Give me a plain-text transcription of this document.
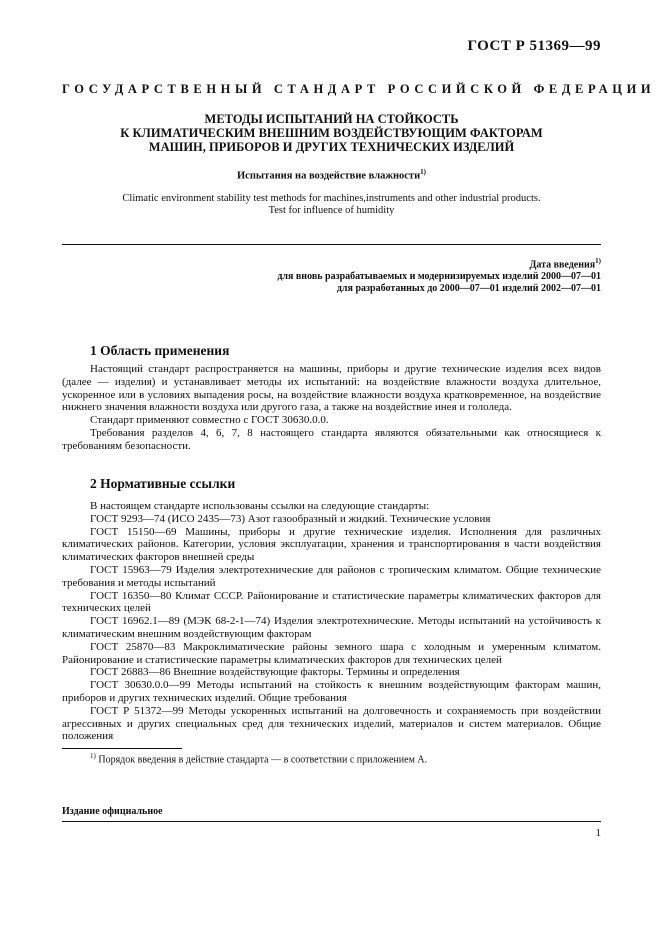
ГОСТ Р 51369—99
ГОСУДАРСТВЕННЫЙ СТАНДАРТ РОССИЙСКОЙ ФЕДЕРАЦИИ
МЕТОДЫ ИСПЫТАНИЙ НА СТОЙКОСТЬ
К КЛИМАТИЧЕСКИМ ВНЕШНИМ ВОЗДЕЙСТВУЮЩИМ ФАКТОРАМ
МАШИН, ПРИБОРОВ И ДРУГИХ ТЕХНИЧЕСКИХ ИЗДЕЛИЙ
Испытания на воздействие влажности$^{1)}$
Climatic environment stability test methods for machines,instruments and other industrial products.
Test for influence of humidity
Дата введения$^{1)}$
для вновь разрабатываемых и модернизируемых изделий 2000—07—01
для разработанных до 2000—07—01 изделий 2002—07—01
1 Область применения

Настоящий стандарт распространяется на машины, приборы и другие технические изделия всех видов (далее — изделия) и устанавливает методы их испытаний: на воздействие влажности воздуха длительное, ускоренное или в условиях выпадения росы, на воздействие влажности воздуха кратковременное, на воздействие нижнего значения влажности воздуха или другого газа, а также на воздействие инея и гололеда.

Стандарт применяют совместно с ГОСТ 30630.0.0.

Требования разделов 4, 6, 7, 8 настоящего стандарта являются обязательными как относящиеся к требованиям безопасности.

2 Нормативные ссылки

В настоящем стандарте использованы ссылки на следующие стандарты:

ГОСТ 9293—74 (ИСО 2435—73) Азот газообразный и жидкий. Технические условия

ГОСТ 15150—69 Машины, приборы и другие технические изделия. Исполнения для различных климатических районов. Категории, условия эксплуатации, хранения и транспортирования в части воздействия климатических факторов внешней среды

ГОСТ 15963—79 Изделия электротехнические для районов с тропическим климатом. Общие технические требования и методы испытаний

ГОСТ 16350—80 Климат СССР. Районирование и статистические параметры климатических факторов для технических целей

ГОСТ 16962.1—89 (МЭК 68-2-1—74) Изделия электротехнические. Методы испытаний на устойчивость к климатическим внешним воздействующим факторам

ГОСТ 25870—83 Макроклиматические районы земного шара с холодным и умеренным климатом. Районирование и статистические параметры климатических факторов для технических целей

ГОСТ 26883—86 Внешние воздействующие факторы. Термины и определения

ГОСТ 30630.0.0—99 Методы испытаний на стойкость к внешним воздействующим факторам машин, приборов и других технических изделий. Общие требования

ГОСТ Р 51372—99 Методы ускоренных испытаний на долговечность и сохраняемость при воздействии агрессивных и других специальных сред для технических изделий, материалов и систем материалов. Общие положения

$^{1)}$ Порядок введения в действие стандарта — в соответствии с приложением А.
Издание официальное
1
